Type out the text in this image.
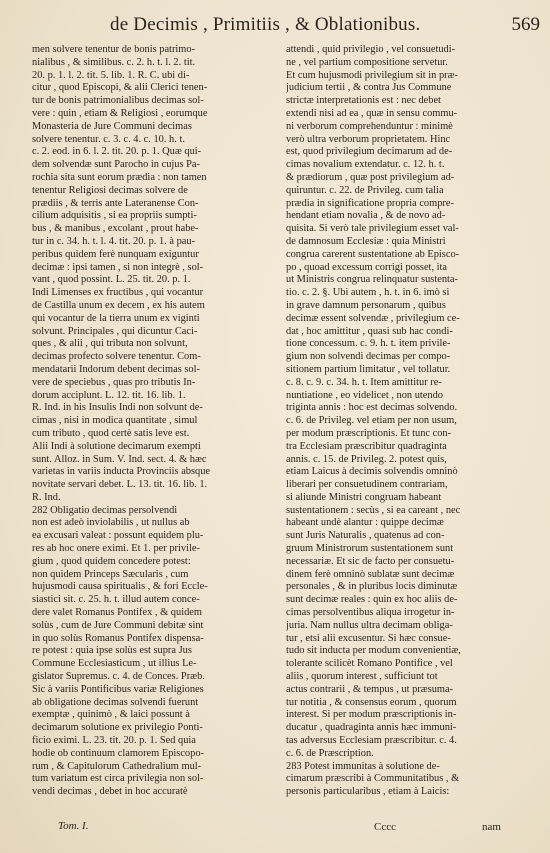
de Decimis , Primitiis , & Oblationibus.	569
men solvere tenentur de bonis patrimo-
nialibus , & similibus. c. 2. h. t. l. 2. tit.
20. p. 1. l. 2. tit. 5. lib. 1. R. C. ubi di-
citur , quod Episcopi, & alii Clerici tenen-
tur de bonis patrimonialibus decimas sol-
vere : quin , etiam & Religiosi , eorumque
Monasteria de Jure Communi decimas
solvere tenentur. c. 3. c. 4. c. 10. h. t.
c. 2. eod. in 6. l. 2. tit. 20. p. 1. Quæ qui-
dem solvendæ sunt Parocho in cujus Pa-
rochia sita sunt eorum prædia : non tamen
tenentur Religiosi decimas solvere de
prædiis , & terris ante Lateranense Con-
cilium adquisitis , si ea propriis sumpti-
bus , & manibus , excolant , prout habe-
tur in c. 34. h. t. l. 4. tit. 20. p. 1. à pau-
peribus quidem ferè nunquam exiguntur
decimæ : ipsi tamen , si non integrè , sol-
vant , quod possint. L. 25. tit. 20. p. 1.
Indi Limenses ex fructibus , qui vocantur
de Castilla unum ex decem , ex his autem
qui vocantur de la tierra unum ex viginti
solvunt. Principales , qui dicuntur Caci-
ques , & alii , qui tributa non solvunt,
decimas profecto solvere tenentur. Com-
mendatarii Indorum debent decimas sol-
vere de speciebus , quas pro tributis In-
dorum acciplunt. L. 12. tit. 16. lib. 1.
R. Ind. in his Insulis Indi non solvunt de-
cimas , nisi in modica quantitate , simul
cum tributo , quod certè satis leve est.
Alii Indi à solutione decimarum exempti
sunt. Alloz. in Sum. V. Ind. sect. 4. & hæc
varietas in variis inducta Provinciis absque
novitate servari debet. L. 13. tit. 16. lib. 1.
R. Ind.
282 Obligatio decimas persolvendi
non est adeò inviolabilis , ut nullus ab
ea excusari valeat : possunt equidem plu-
res ab hoc onere eximi. Et 1. per privile-
gium , quod quidem concedere potest:
non quidem Princeps Sæcularis , cum
hujusmodi causa spiritualis , & fori Eccle-
siastici sit. c. 25. h. t. illud autem conce-
dere valet Romanus Pontifex , & quidem
solùs , cum de Jure Communi debitæ sint
in quo solùs Romanus Pontifex dispensa-
re potest : quia ipse solùs est supra Jus
Commune Ecclesiasticum , ut illius Le-
gislator Supremus. c. 4. de Conces. Præb.
Sic à variis Pontificibus variæ Religiones
ab obligatione decimas solvendi fuerunt
exemptæ , quinimò , & laici possunt à
decimarum solutione ex privilegio Ponti-
ficio eximi. L. 23. tit. 20. p. 1. Sed quia
hodie ob continuum clamorem Episcopo-
rum , & Capitulorum Cathedralium mul-
tum variatum est circa privilegia non sol-
vendi decimas , debet in hoc accuratè
attendi , quid privilegio , vel consuetudi-
ne , vel partium compositione servetur.
Et cum hujusmodi privilegium sit in præ-
judicium tertii , & contra Jus Commune
strictæ interpretationis est : nec debet
extendi nisi ad ea , quæ in sensu commu-
ni verborum comprehenduntur : minimè
verò ultra verborum proprietatem. Hinc
est, quod privilegium decimarum ad de-
cimas novalium extendatur. c. 12. h. t.
& prædiorum , quæ post privilegium ad-
quiruntur. c. 22. de Privileg. cum talia
prædia in significatione propria compre-
hendant etiam novalia , & de novo ad-
quisita. Si verò tale privilegium esset val-
de damnosum Ecclesiæ : quia Ministri
congrua carerent sustentatione ab Episco-
po , quoad excessum corrigi posset, ita
ut Ministris congrua relinquatur sustenta-
tio. c. 2. §. Ubi autem , h. t. in 6. imò si
in grave damnum personarum , quibus
decimæ essent solvendæ , privilegium ce-
dat , hoc amittitur , quasi sub hac condi-
tione concessum. c. 9. h. t. item privile-
gium non solvendi decimas per compo-
sitionem partium limitatur , vel tollatur.
c. 8. c. 9. c. 34. h. t. Item amittitur re-
nuntiatione , eo videlicet , non utendo
triginta annis : hoc est decimas solvendo.
c. 6. de Privileg. vel etiam per non usum,
per modum præscriptionis. Et tunc con-
tra Ecclesiam præscribitur quadraginta
annis. c. 15. de Privileg. 2. potest quis,
etiam Laicus à decimis solvendis omninò
liberari per consuetudinem contrariam,
si aliunde Ministri congruam habeant
sustentationem : secùs , si ea careant , nec
habeant undè alantur : quippe decimæ
sunt Juris Naturalis , quatenus ad con-
gruum Ministrorum sustentationem sunt
necessariæ. Et sic de facto per consuetu-
dinem ferè omninò sublatæ sunt decimæ
personales , & in pluribus locis diminutæ
sunt decimæ reales : quin ex hoc aliis de-
cimas persolventibus aliqua irrogetur in-
juria. Nam nullus ultra decimam obliga-
tur , etsi alii excusentur. Si hæc consue-
tudo sit inducta per modum convenientiæ,
tolerante scilicèt Romano Pontifice , vel
aliis , quorum interest , sufficiunt tot
actus contrarii , & tempus , ut præsuma-
tur notitia , & consensus eorum , quorum
interest. Si per modum præscriptionis in-
ducatur , quadraginta annis hæc immuni-
tas adversus Ecclesiam præscribitur. c. 4.
c. 6. de Præscription.
283 Potest immunitas à solutione de-
cimarum præscribi à Communitatibus , &
personis particularibus , etiam à Laicis:
Tom. I.	Cccc	nam
